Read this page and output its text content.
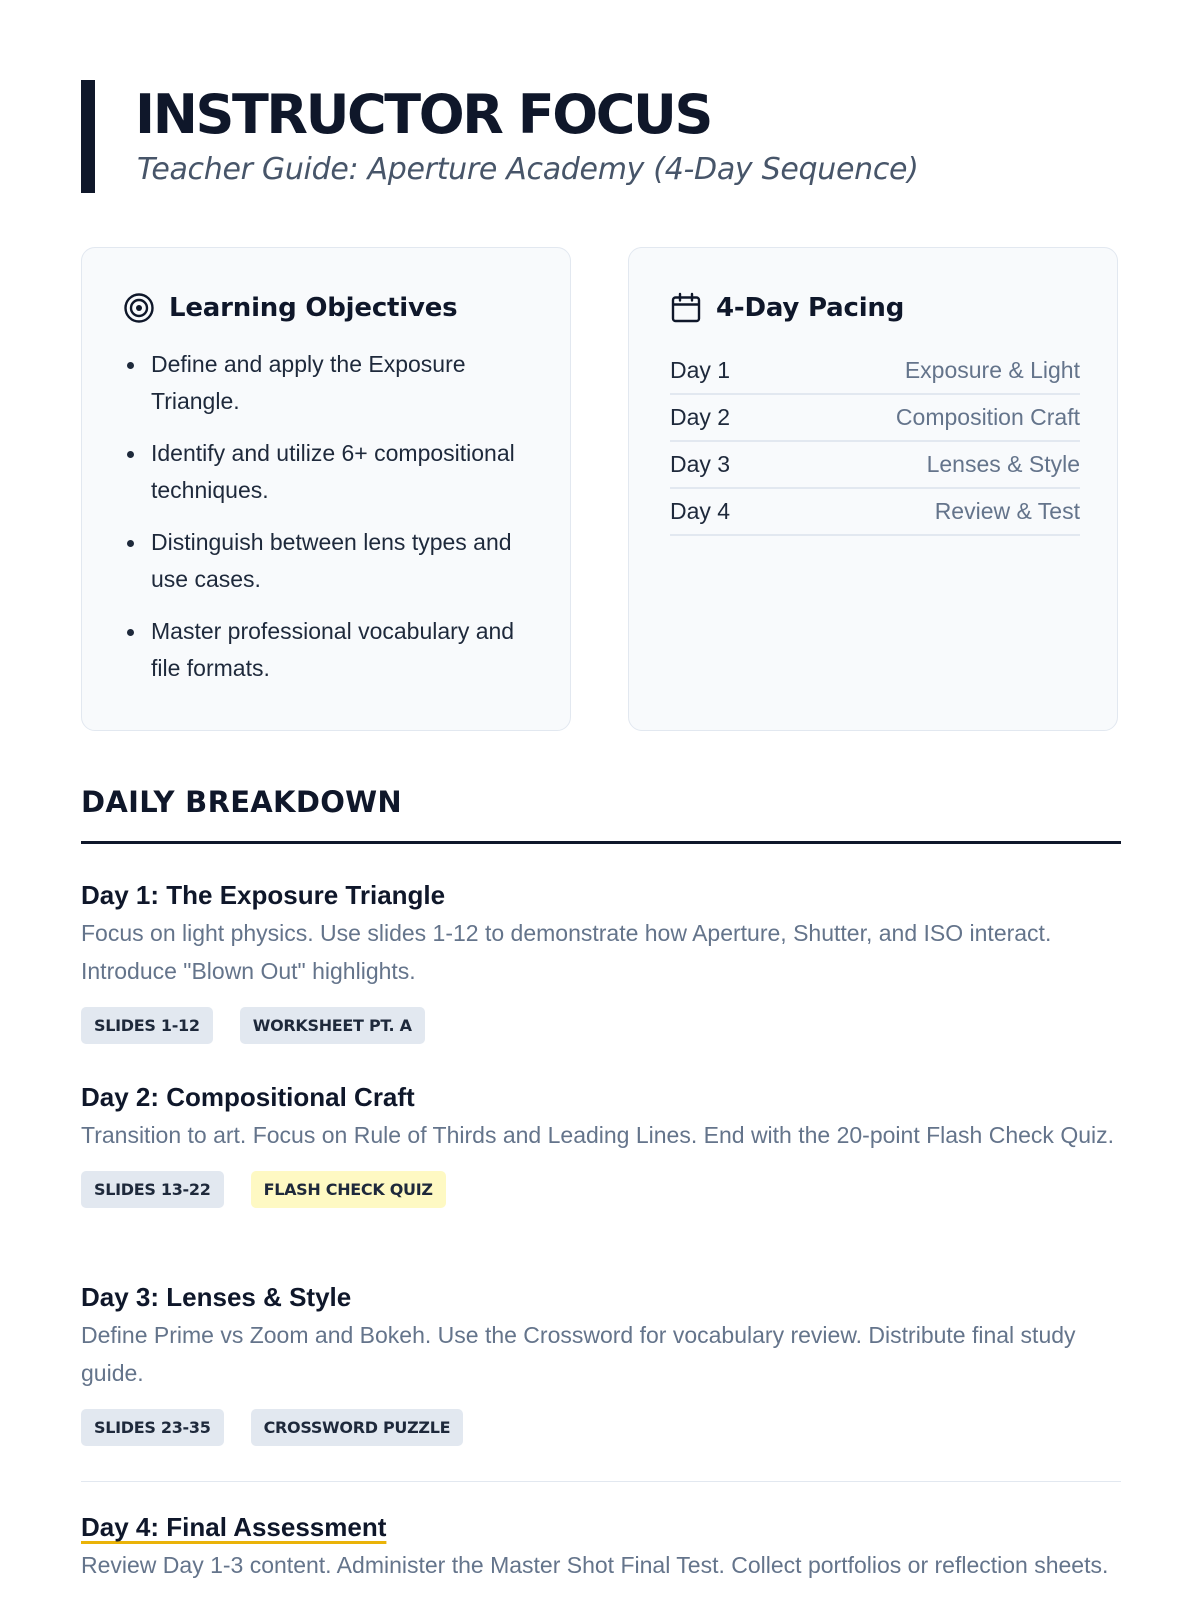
INSTRUCTOR FOCUS

Teacher Guide: Aperture Academy (4-Day Sequence)

Learning Objectives
Define and apply the Exposure Triangle.
Identify and utilize 6+ compositional techniques.
Distinguish between lens types and use cases.
Master professional vocabulary and file formats.
4-Day Pacing
Day 1	Exposure & Light
Day 2	Composition Craft
Day 3	Lenses & Style
Day 4	Review & Test
DAILY BREAKDOWN
Day 1: The Exposure Triangle

Focus on light physics. Use slides 1-12 to demonstrate how Aperture, Shutter, and ISO interact. Introduce "Blown Out" highlights.

SLIDES 1-12	WORKSHEET PT. A
Day 2: Compositional Craft

Transition to art. Focus on Rule of Thirds and Leading Lines. End with the 20-point Flash Check Quiz.

SLIDES 13-22	FLASH CHECK QUIZ
Day 3: Lenses & Style

Define Prime vs Zoom and Bokeh. Use the Crossword for vocabulary review. Distribute final study guide.

SLIDES 23-35	CROSSWORD PUZZLE
Day 4: Final Assessment

Review Day 1-3 content. Administer the Master Shot Final Test. Collect portfolios or reflection sheets.
